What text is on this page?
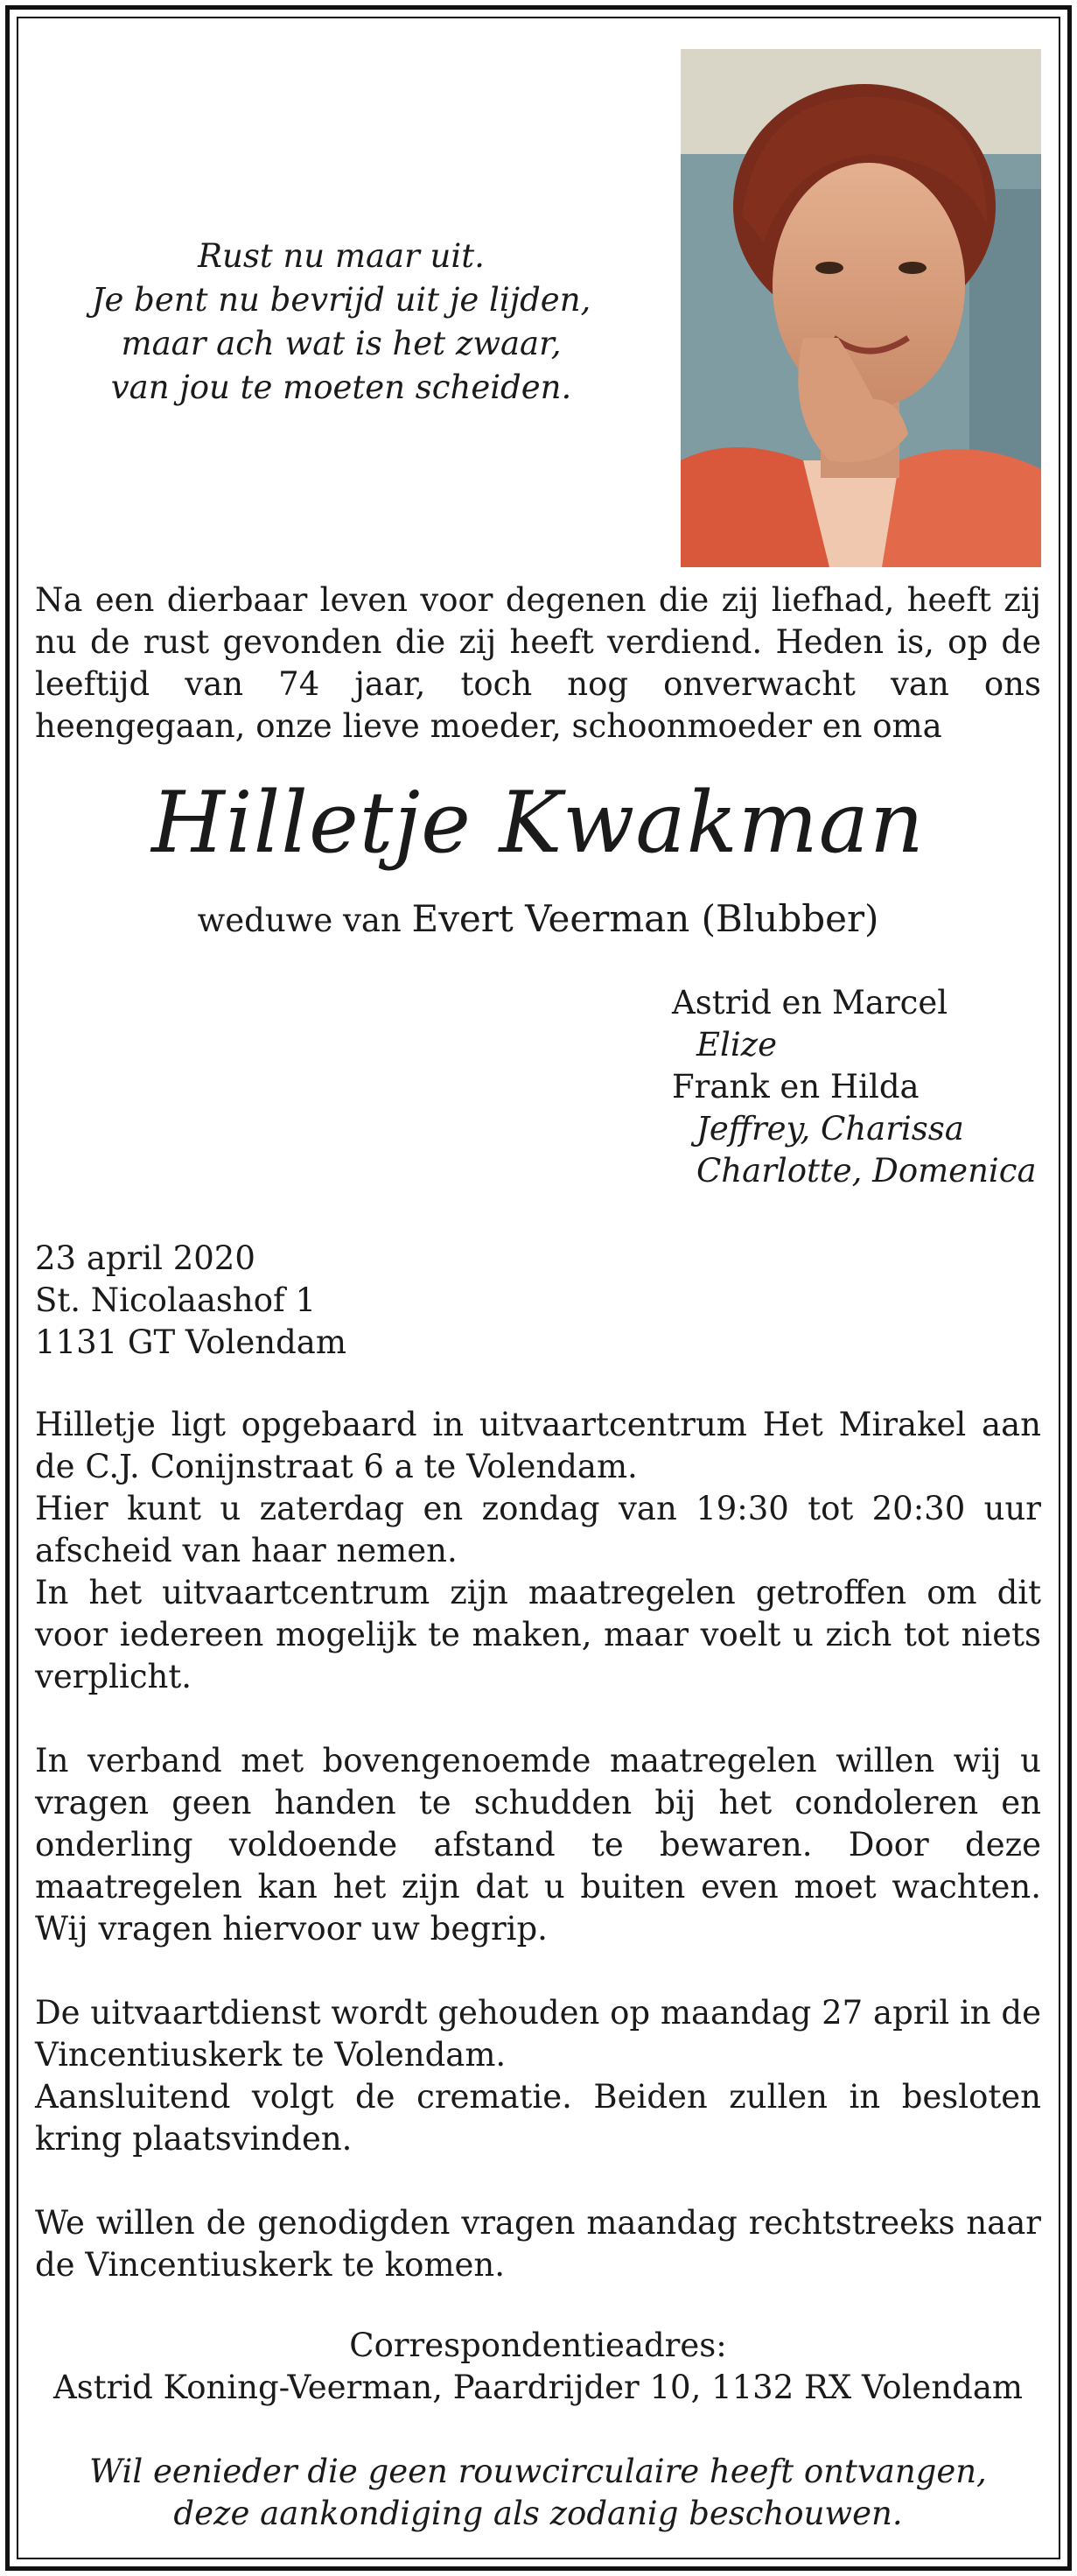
Rust nu maar uit.
Je bent nu bevrijd uit je lijden,
maar ach wat is het zwaar,
van jou te moeten scheiden.
Na een dierbaar leven voor degenen die zij liefhad, heeft zij nu de rust gevonden die zij heeft verdiend. Heden is, op de leeftijd van 74 jaar, toch nog onverwacht van ons heengegaan, onze lieve moeder, schoonmoeder en oma
Hilletje Kwakman
weduwe van Evert Veerman (Blubber)
Astrid en Marcel
Elize
Frank en Hilda
Jeffrey, Charissa
Charlotte, Domenica
23 april 2020
St. Nicolaashof 1
1131 GT Volendam

Hilletje ligt opgebaard in uitvaartcentrum Het Mirakel aan de C.J. Conijnstraat 6 a te Volendam.
Hier kunt u zaterdag en zondag van 19:30 tot 20:30 uur afscheid van haar nemen.
In het uitvaartcentrum zijn maatregelen getroffen om dit voor iedereen mogelijk te maken, maar voelt u zich tot niets verplicht.

In verband met bovengenoemde maatregelen willen wij u vragen geen handen te schudden bij het condoleren en onderling voldoende afstand te bewaren. Door deze maatregelen kan het zijn dat u buiten even moet wachten. Wij vragen hiervoor uw begrip.

De uitvaartdienst wordt gehouden op maandag 27 april in de Vincentiuskerk te Volendam.
Aansluitend volgt de crematie. Beiden zullen in besloten kring plaatsvinden.

We willen de genodigden vragen maandag rechtstreeks naar de Vincentiuskerk te komen.

Correspondentieadres:
Astrid Koning-Veerman, Paardrijder 10, 1132 RX Volendam
Wil eenieder die geen rouwcirculaire heeft ontvangen,
deze aankondiging als zodanig beschouwen.
